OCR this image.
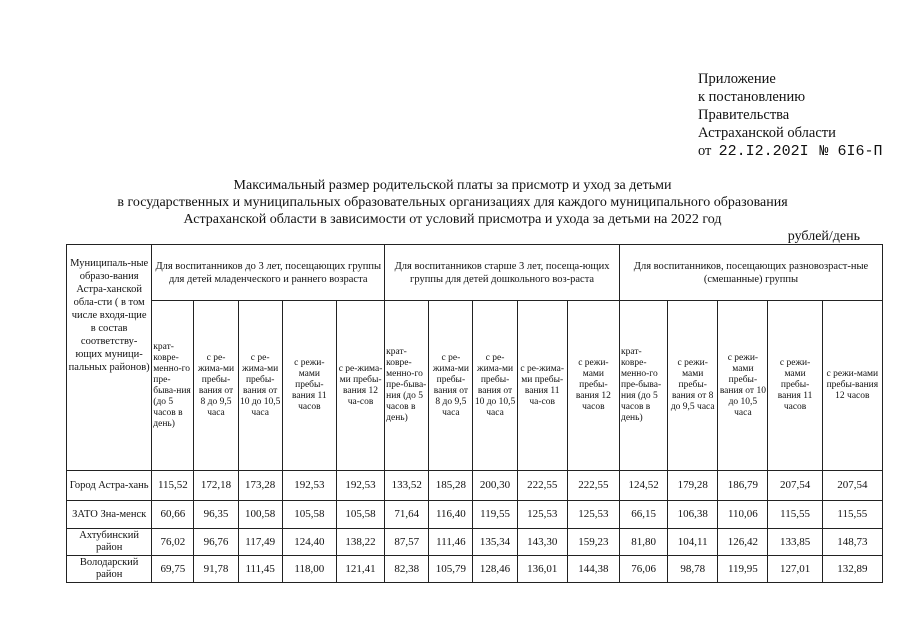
Приложение
к постановлению
Правительства
Астраханской области
от 22.I2.202I № 6I6-П
Максимальный размер родительской платы за присмотр и уход за детьми
в государственных и муниципальных образовательных организациях для каждого муниципального образования
Астраханской области в зависимости от условий присмотра и ухода за детьми на 2022 год
рублей/день
Муниципаль-ные образо-вания Астра-ханской обла-сти ( в том числе входя-щие в состав соответству-ющих муници-пальных районов)	Для воспитанников до 3 лет, посещающих группы для детей младенческого и раннего возраста					Для воспитанников старше 3 лет, посеща-ющих группы для детей дошкольного воз-раста					Для воспитанников, посещающих разновозраст-ные (смешанные) группы				
	крат-ковре-менно-го пре-быва-ния (до 5 часов в день)	с ре-жима-ми пребы-вания от 8 до 9,5 часа	с ре-жима-ми пребы-вания от 10 до 10,5 часа	с режи-мами пребы-вания 11 часов	с ре-жима-ми пребы-вания 12 ча-сов	крат-ковре-менно-го пре-быва-ния (до 5 часов в день)	с ре-жима-ми пребы-вания от 8 до 9,5 часа	с ре-жима-ми пребы-вания от 10 до 10,5 часа	с ре-жима-ми пребы-вания 11 ча-сов	с режи-мами пребы-вания 12 часов	крат-ковре-менно-го пре-быва-ния (до 5 часов в день)	с режи-мами пребы-вания от 8 до 9,5 часа	с режи-мами пребы-вания от 10 до 10,5 часа	с режи-мами пребы-вания 11 часов	с режи-мами пребы-вания 12 часов
Город Астра-хань	115,52	172,18	173,28	192,53	192,53	133,52	185,28	200,30	222,55	222,55	124,52	179,28	186,79	207,54	207,54
ЗАТО Зна-менск	60,66	96,35	100,58	105,58	105,58	71,64	116,40	119,55	125,53	125,53	66,15	106,38	110,06	115,55	115,55
Ахтубинский район	76,02	96,76	117,49	124,40	138,22	87,57	111,46	135,34	143,30	159,23	81,80	104,11	126,42	133,85	148,73
Володарский район	69,75	91,78	111,45	118,00	121,41	82,38	105,79	128,46	136,01	144,38	76,06	98,78	119,95	127,01	132,89
